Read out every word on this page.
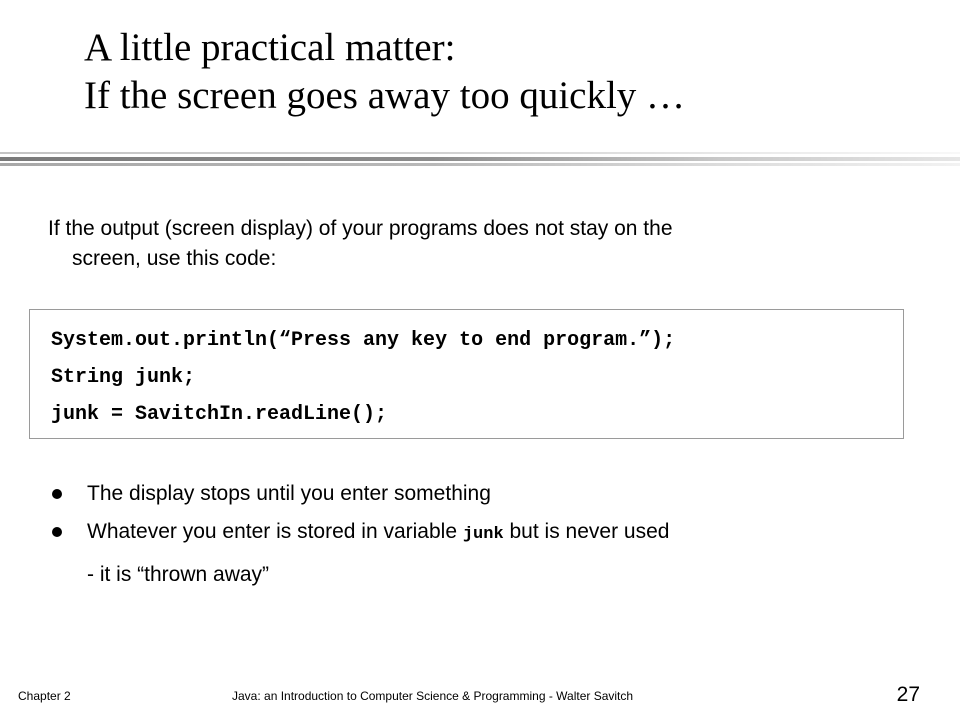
A little practical matter:
If the screen goes away too quickly …
If the output (screen display) of your programs does not stay on the
screen, use this code:
System.out.println(“Press any key to end program.”);
String junk;
junk = SavitchIn.readLine();
The display stops until you enter something
Whatever you enter is stored in variable junk but is never used
- it is “thrown away”
Chapter 2	Java: an Introduction to Computer Science & Programming - Walter Savitch	27
